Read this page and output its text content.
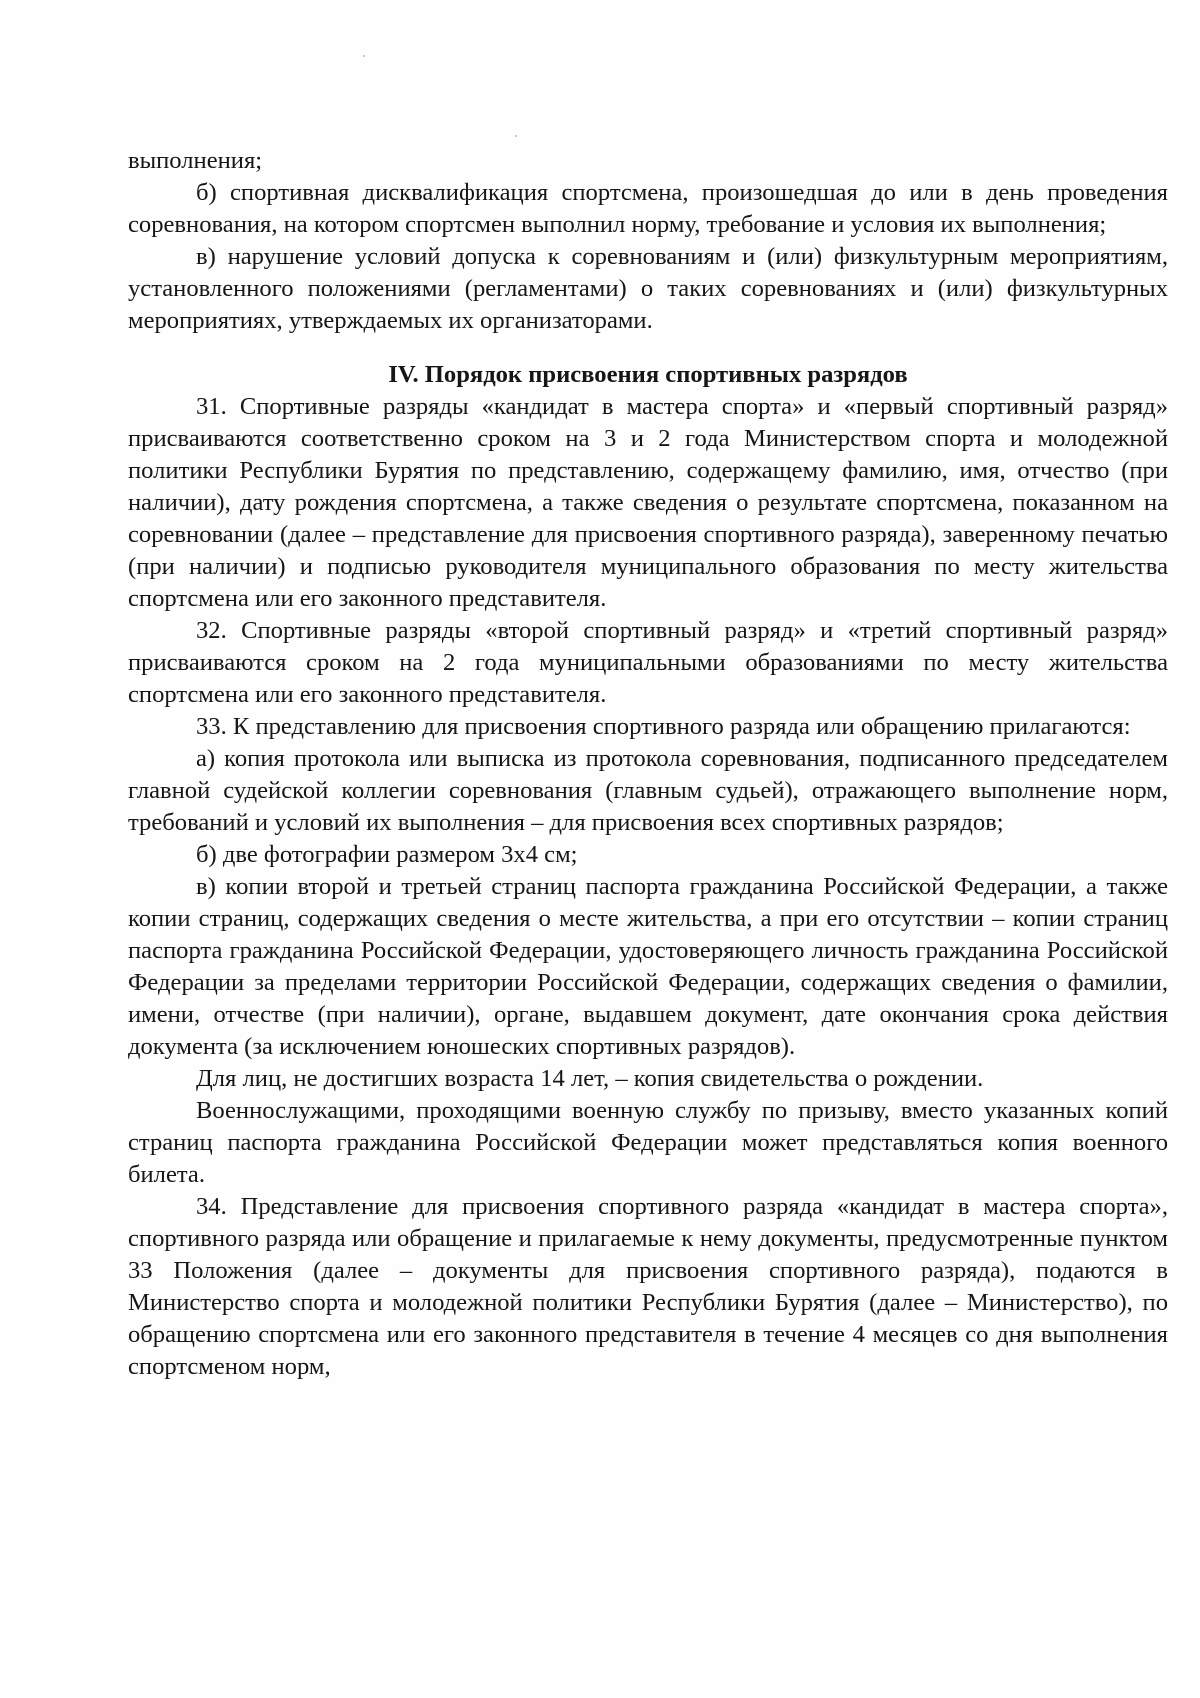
выполнения;

б) спортивная дисквалификация спортсмена, произошедшая до или в день проведения соревнования, на котором спортсмен выполнил норму, требование и условия их выполнения;

в) нарушение условий допуска к соревнованиям и (или) физкультурным мероприятиям, установленного положениями (регламентами) о таких соревнованиях и (или) физкультурных мероприятиях, утверждаемых их организаторами.

IV. Порядок присвоения спортивных разрядов

31. Спортивные разряды «кандидат в мастера спорта» и «первый спортивный разряд» присваиваются соответственно сроком на 3 и 2 года Министерством спорта и молодежной политики Республики Бурятия по представлению, содержащему фамилию, имя, отчество (при наличии), дату рождения спортсмена, а также сведения о результате спортсмена, показанном на соревновании (далее – представление для присвоения спортивного разряда), заверенному печатью (при наличии) и подписью руководителя муниципального образования по месту жительства спортсмена или его законного представителя.

32. Спортивные разряды «второй спортивный разряд» и «третий спортивный разряд» присваиваются сроком на 2 года муниципальными образованиями по месту жительства спортсмена или его законного представителя.

33. К представлению для присвоения спортивного разряда или обращению прилагаются:

а) копия протокола или выписка из протокола соревнования, подписанного председателем главной судейской коллегии соревнования (главным судьей), отражающего выполнение норм, требований и условий их выполнения – для присвоения всех спортивных разрядов;

б) две фотографии размером 3х4 см;

в) копии второй и третьей страниц паспорта гражданина Российской Федерации, а также копии страниц, содержащих сведения о месте жительства, а при его отсутствии – копии страниц паспорта гражданина Российской Федерации, удостоверяющего личность гражданина Российской Федерации за пределами территории Российской Федерации, содержащих сведения о фамилии, имени, отчестве (при наличии), органе, выдавшем документ, дате окончания срока действия документа (за исключением юношеских спортивных разрядов).

Для лиц, не достигших возраста 14 лет, – копия свидетельства о рождении.

Военнослужащими, проходящими военную службу по призыву, вместо указанных копий страниц паспорта гражданина Российской Федерации может представляться копия военного билета.

34. Представление для присвоения спортивного разряда «кандидат в мастера спорта», спортивного разряда или обращение и прилагаемые к нему документы, предусмотренные пунктом 33 Положения (далее – документы для присвоения спортивного разряда), подаются в Министерство спорта и молодежной политики Республики Бурятия (далее – Министерство), по обращению спортсмена или его законного представителя в течение 4 месяцев со дня выполнения спортсменом норм,
